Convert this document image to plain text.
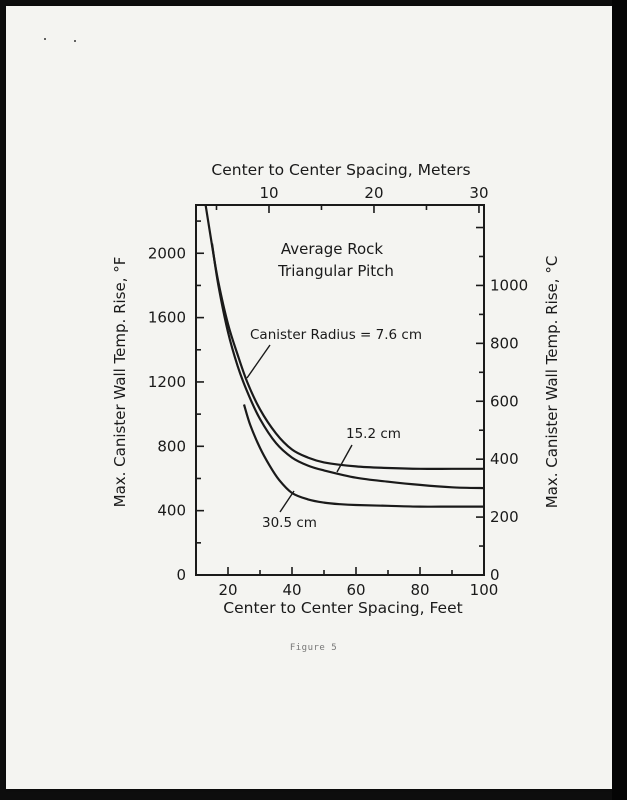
20	40	60	80	100
10	20	30
0
400
800
1200
1600
2000
0
200
400
600
800
1000
Average Rock
Triangular Pitch
Canister Radius = 7.6 cm
15.2 cm
30.5 cm
Center to Center Spacing, Meters
Center to Center Spacing, Feet
Max. Canister Wall Temp. Rise, °F	Max. Canister Wall Temp. Rise, °C
Figure 5
